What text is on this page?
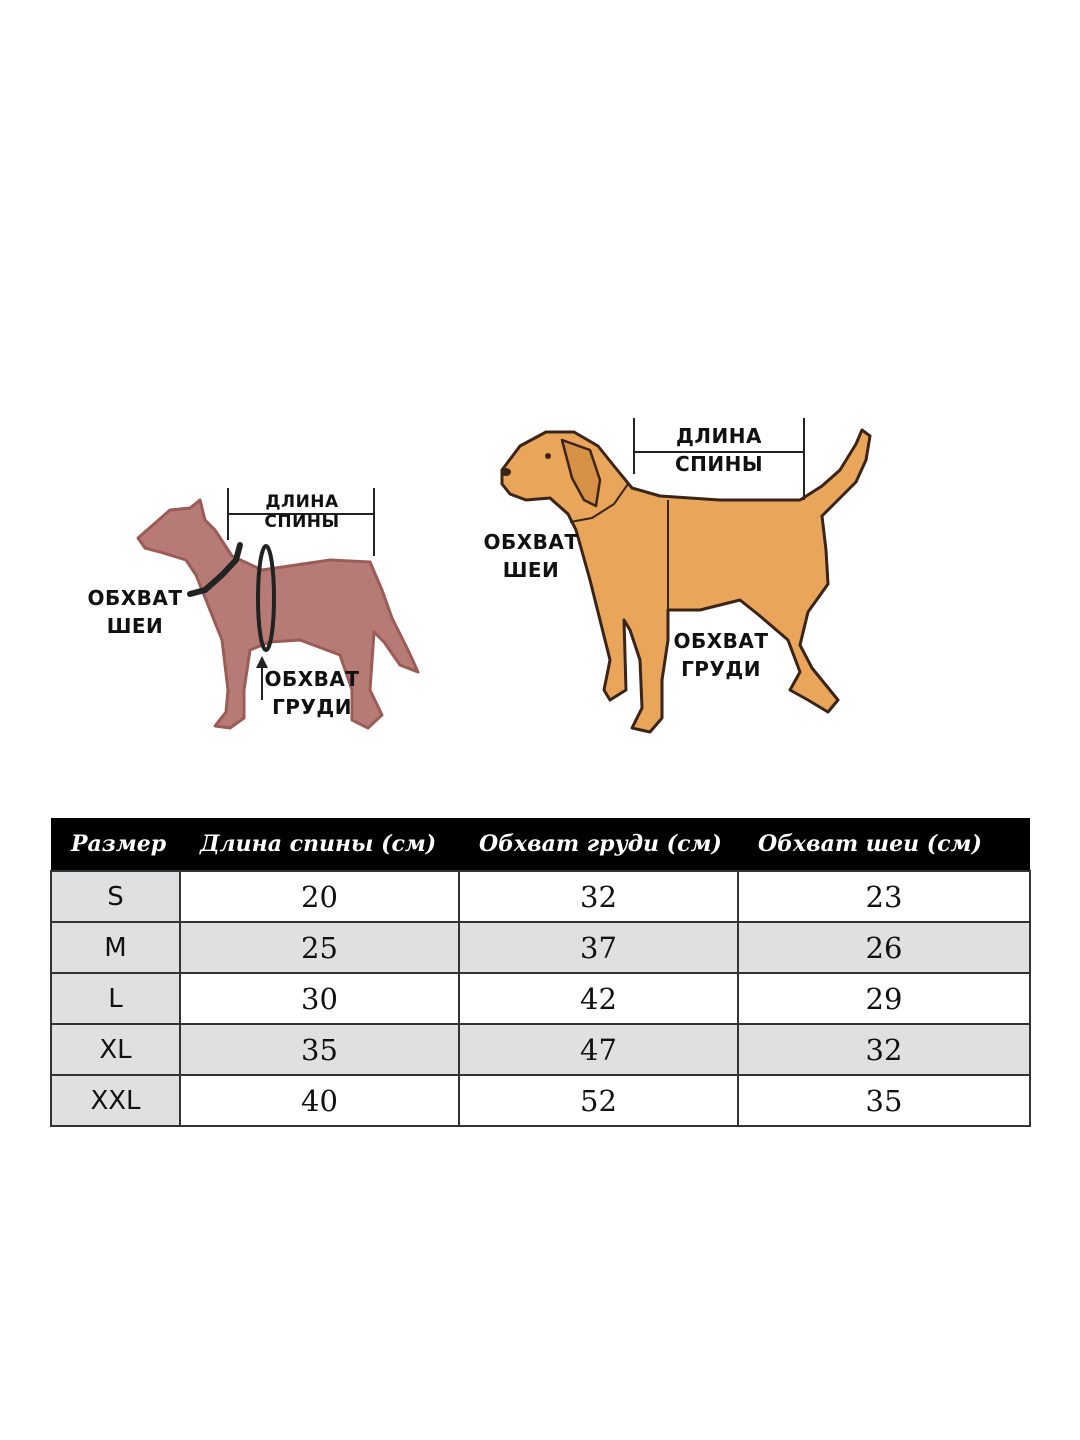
ДЛИНА СПИНЫ
ОБХВАТ
ШЕИ
ОБХВАТ
ГРУДИ
ДЛИНА СПИНЫ
ОБХВАТ
ШЕИ
ОБХВАТ
ГРУДИ
Размер	Длина спины (см)	Обхват груди (см)	Обхват шеи (см)
S	20	32	23
M	25	37	26
L	30	42	29
XL	35	47	32
XXL	40	52	35
